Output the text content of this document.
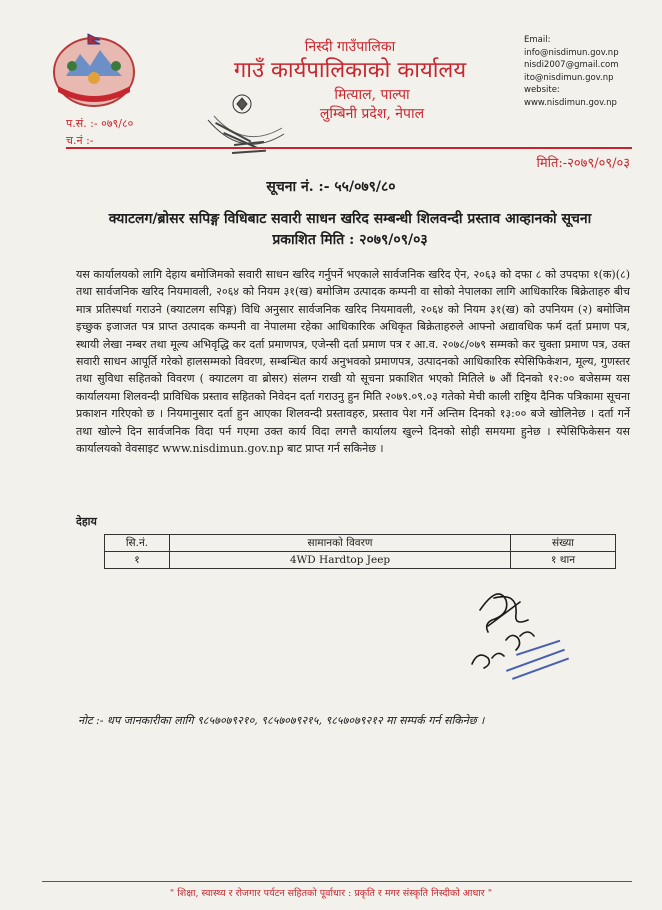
निस्दी गाउँपालिका
गाउँ कार्यपालिकाको कार्यालय
मित्याल, पाल्पा
लुम्बिनी प्रदेश, नेपाल
Email:
info@nisdimun.gov.np
nisdi2007@gmail.com
ito@nisdimun.gov.np
website:
www.nisdimun.gov.np
प.सं. :- ०७९/८०
च.नं :-
मिति:-२०७९/०९/०३
सूचना नं. :- ५५/०७९/८०
क्याटलग/ब्रोसर सपिङ्ग विधिबाट सवारी साधन खरिद सम्बन्धी शिलवन्दी प्रस्ताव आव्हानको सूचना
प्रकाशित मिति : २०७९/०९/०३
यस कार्यालयको लागि देहाय बमोजिमको सवारी साधन खरिद गर्नुपर्ने भएकाले सार्वजनिक खरिद ऐन, २०६३ को दफा ८ को उपदफा १(क)(८) तथा सार्वजनिक खरिद नियमावली, २०६४ को नियम ३१(ख) बमोजिम उत्पादक कम्पनी वा सोको नेपालका लागि आधिकारिक बिक्रेताहरु बीच मात्र प्रतिस्पर्धा गराउने (क्याटलग सपिङ्ग) विधि अनुसार सार्वजनिक खरिद नियमावली, २०६४ को नियम ३१(ख) को उपनियम (२) बमोजिम इच्छुक इजाजत पत्र प्राप्त उत्पादक कम्पनी वा नेपालमा रहेका आधिकारिक अधिकृत बिक्रेताहरुले आफ्नो अद्यावधिक फर्म दर्ता प्रमाण पत्र, स्थायी लेखा नम्बर तथा मूल्य अभिवृद्धि कर दर्ता प्रमाणपत्र, एजेन्सी दर्ता प्रमाण पत्र र आ.व. २०७८/०७९ सम्मको कर चुक्ता प्रमाण पत्र, उक्त सवारी साधन आपूर्ति गरेको हालसम्मको विवरण, सम्बन्धित कार्य अनुभवको प्रमाणपत्र, उत्पादनको आधिकारिक स्पेसिफिकेशन, मूल्य, गुणस्तर तथा सुविधा सहितको विवरण ( क्याटलग वा ब्रोसर) संलग्न राखी यो सूचना प्रकाशित भएको मितिले ७ औं दिनको १२:०० बजेसम्म यस कार्यालयमा शिलवन्दी प्राविधिक प्रस्ताव सहितको निवेदन दर्ता गराउनु हुन मिति २०७९.०९.०३ गतेको मेची काली राष्ट्रिय दैनिक पत्रिकामा सूचना प्रकाशन गरिएको छ । नियमानुसार दर्ता हुन आएका शिलवन्दी प्रस्तावहरु, प्रस्ताव पेश गर्ने अन्तिम दिनको १३:०० बजे खोलिनेछ । दर्ता गर्ने तथा खोल्ने दिन सार्वजनिक विदा पर्न गएमा उक्त कार्य विदा लगत्तै कार्यालय खुल्ने दिनको सोही समयमा हुनेछ । स्पेसिफिकेसन यस कार्यालयको वेवसाइट www.nisdimun.gov.np बाट प्राप्त गर्न सकिनेछ ।
देहाय
सि.नं.	सामानको विवरण	संख्या
१	4WD Hardtop Jeep	१ थान
नोट :- थप जानकारीका लागि ९८५७०७९२१०, ९८५७०७९२१५, ९८५७०७९२१२ मा सम्पर्क गर्न सकिनेछ ।
" शिक्षा, स्वास्थ्य र रोजगार पर्यटन सहितको पूर्वाधार : प्रकृति र मगर संस्कृति निस्दीको आधार "
